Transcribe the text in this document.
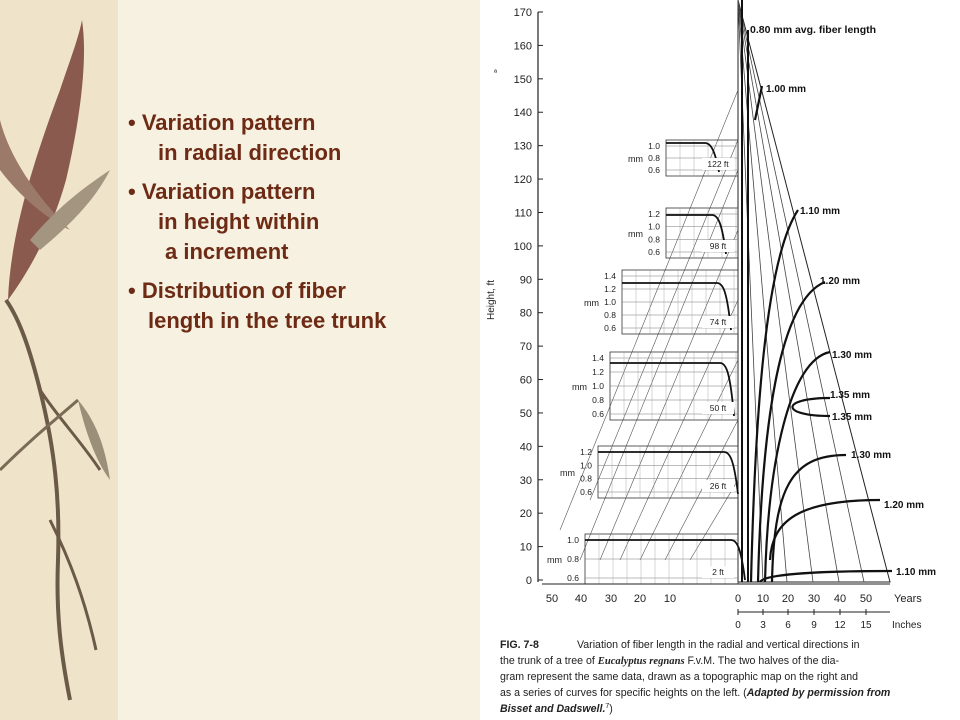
• Variation pattern
in radial direction
• Variation pattern
in height within
a increment
• Distribution of fiber
length in the tree trunk
0
10
20
30
40
50
60
70
80
90
100
110
120
130
140
150
160
170
Height, ft
ª
1.0
0.8
0.6
mm	122 ft
1.2
1.0
0.8
0.6
mm
98 ft
1.4
1.2
1.0
0.8
0.6
mm
74 ft
1.4
1.2
1.0
0.8
0.6
mm
50 ft
1.2
1.0
0.8
0.6
mm
26 ft
1.0
0.8
0.6
mm
2 ft
50 40 30 20 10	0 10 20 30 40 50 Years
0 3 6 9 12 15 Inches
0.80 mm avg. fiber length
1.00 mm
1.10 mm
1.20 mm
1.30 mm
1.35 mm
1.35 mm
1.30 mm
1.20 mm
1.10 mm
FIG. 7-8	Variation of fiber length in the radial and vertical directions in
the trunk of a tree of Eucalyptus regnans F.v.M. The two halves of the dia-
gram represent the same data, drawn as a topographic map on the right and
as a series of curves for specific heights on the left. (Adapted by permission from
Bisset and Dadswell.$^7$)
